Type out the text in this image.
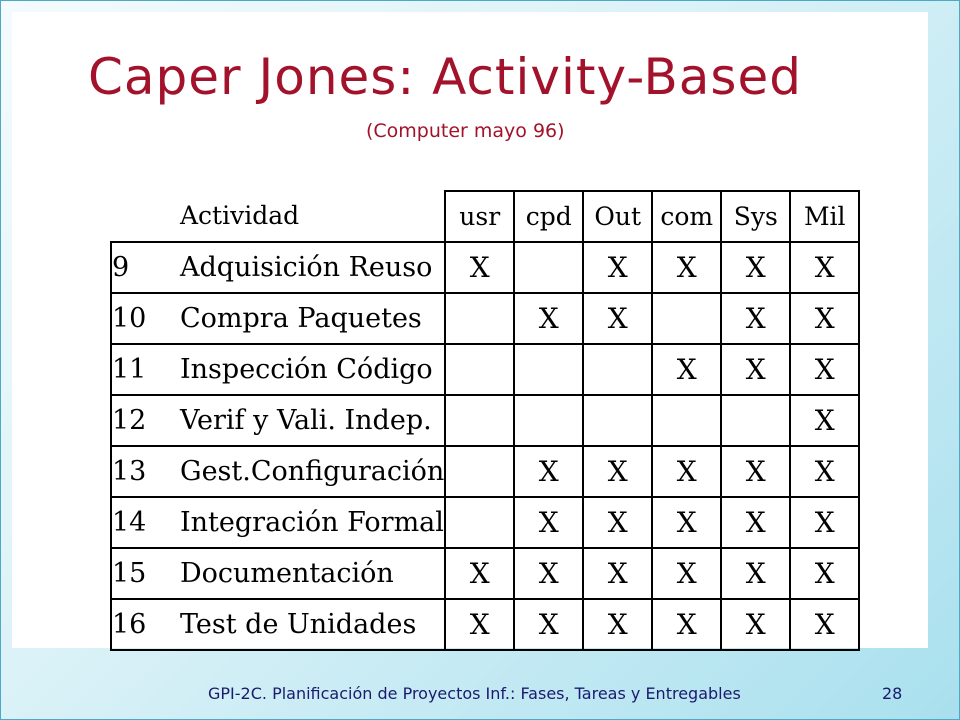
Caper Jones: Activity-Based
(Computer mayo 96)
	Actividad	usr	cpd	Out	com	Sys	Mil
9	Adquisición Reuso	X		X	X	X	X
10	Compra Paquetes		X	X		X	X
11	Inspección Código				X	X	X
12	Verif y Vali. Indep.						X
13	Gest.Configuración		X	X	X	X	X
14	Integración Formal		X	X	X	X	X
15	Documentación	X	X	X	X	X	X
16	Test de Unidades	X	X	X	X	X	X
GPI-2C. Planificación de Proyectos Inf.: Fases, Tareas y Entregables	28
